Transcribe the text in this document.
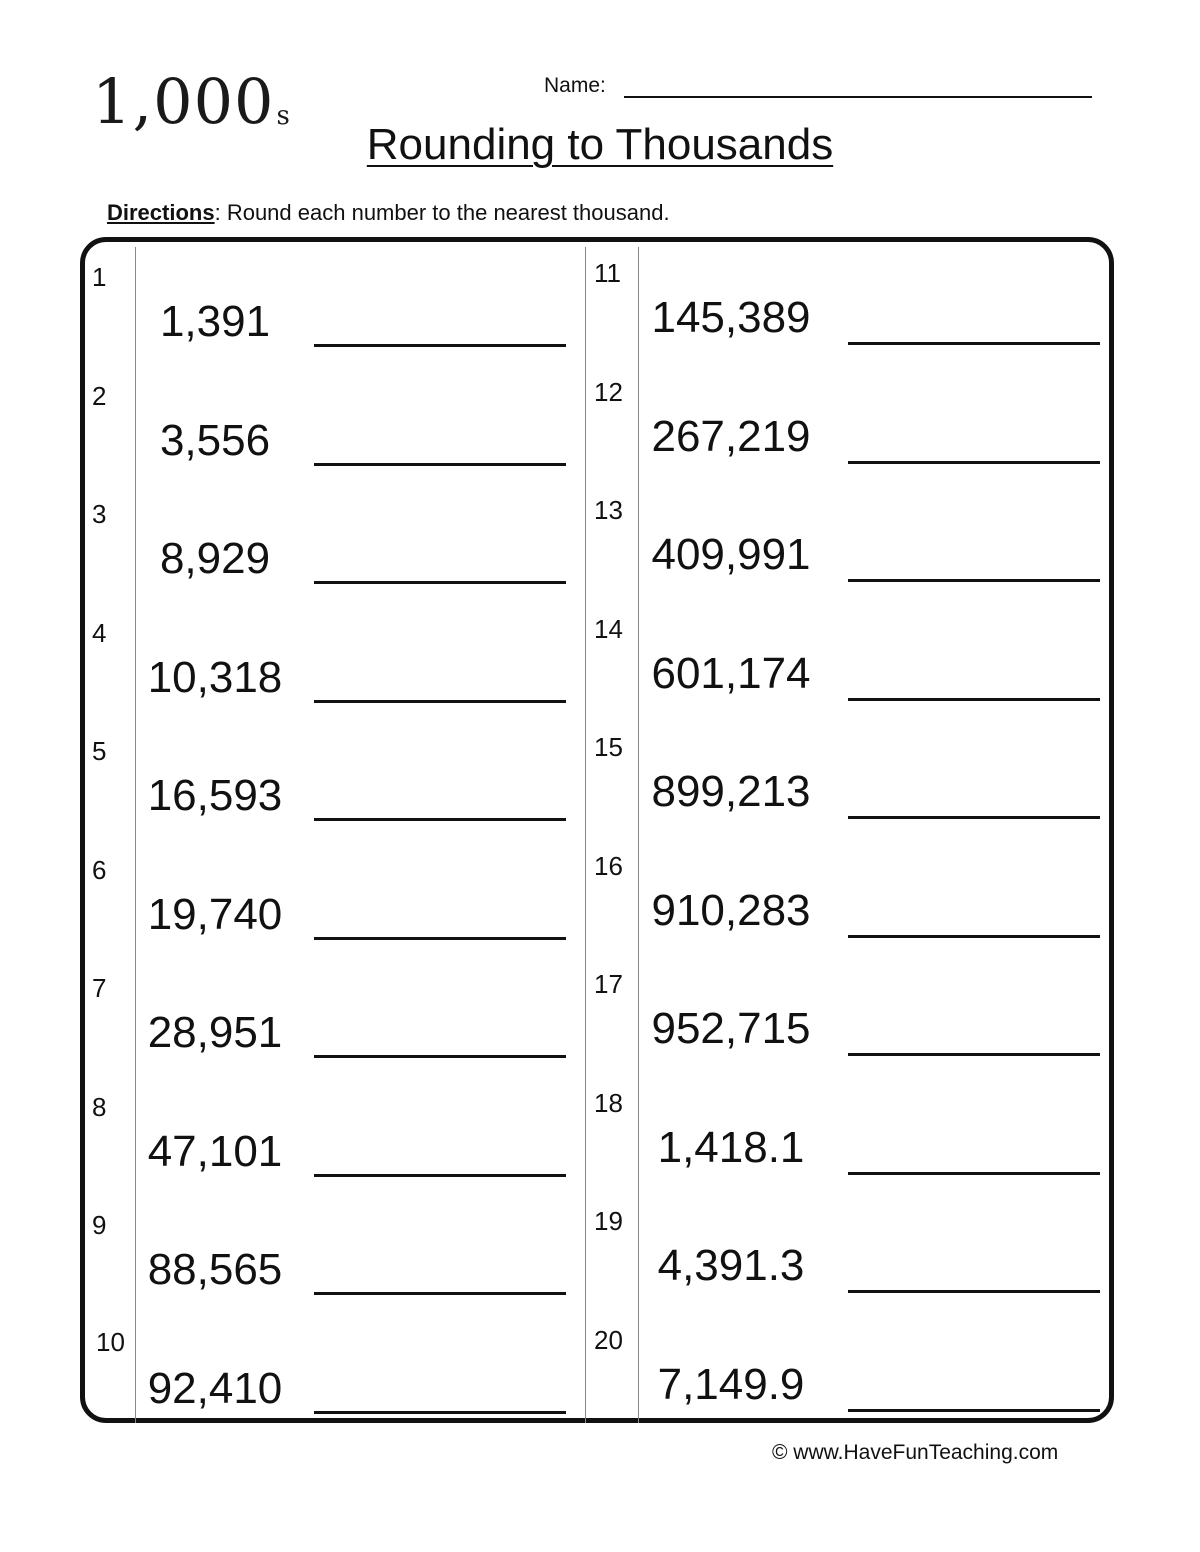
1,000$^s$
Name:
Rounding to Thousands
Directions: Round each number to the nearest thousand.
1
1,391
2
3,556
3
8,929
4
10,318
5
16,593
6
19,740
7
28,951
8
47,101
9
88,565
10
92,410
11
145,389
12
267,219
13
409,991
14
601,174
15
899,213
16
910,283
17
952,715
18
1,418.1
19
4,391.3
20
7,149.9
© www.HaveFunTeaching.com
